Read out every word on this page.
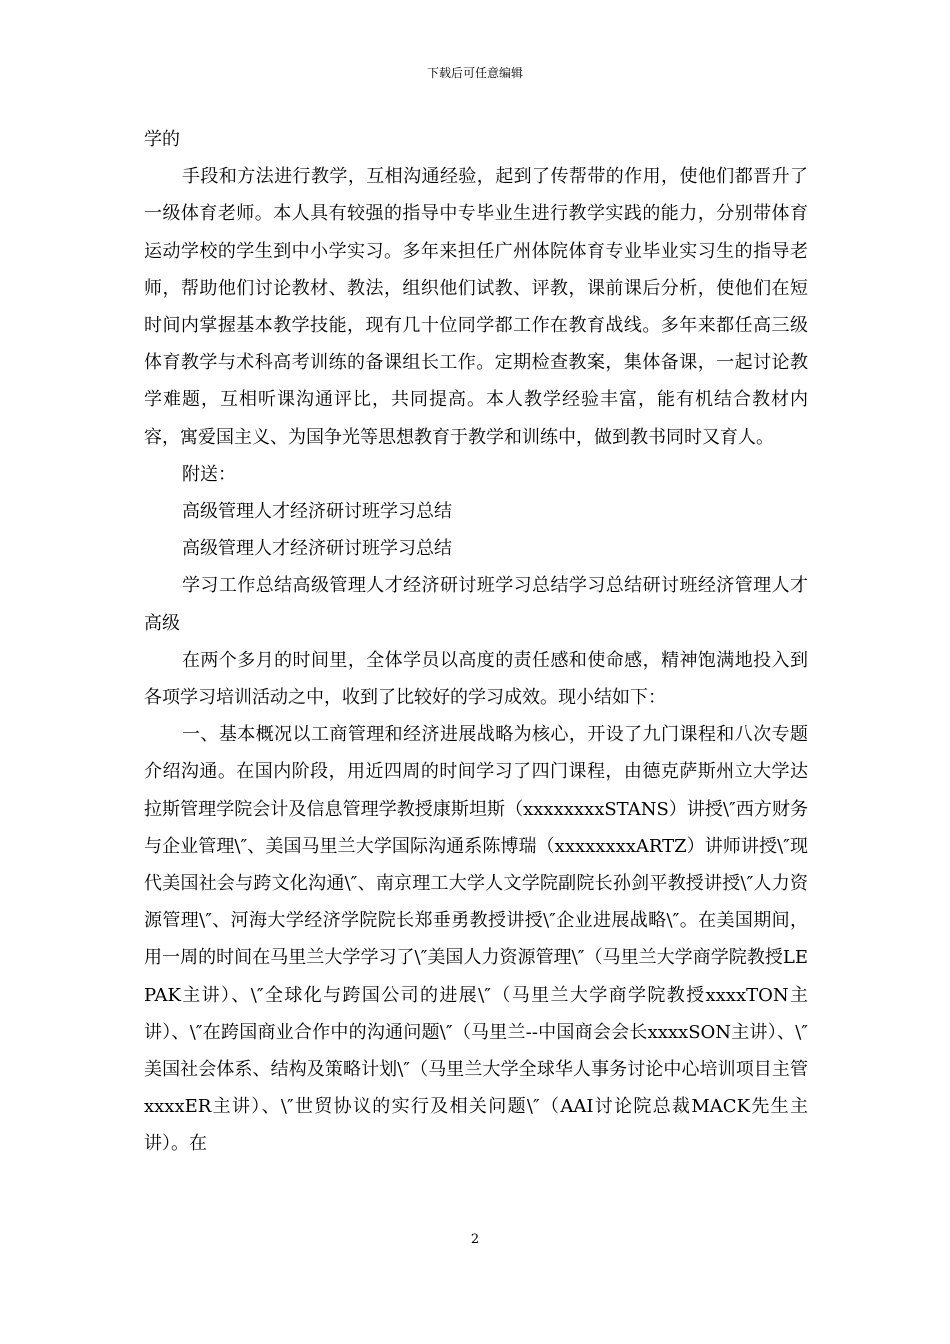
下载后可任意编辑

学的

手段和方法进行教学，互相沟通经验，起到了传帮带的作用，使他们都晋升了一级体育老师。本人具有较强的指导中专毕业生进行教学实践的能力，分别带体育运动学校的学生到中小学实习。多年来担任广州体院体育专业毕业实习生的指导老师，帮助他们讨论教材、教法，组织他们试教、评教，课前课后分析，使他们在短时间内掌握基本教学技能，现有几十位同学都工作在教育战线。多年来都任高三级体育教学与术科高考训练的备课组长工作。定期检查教案，集体备课，一起讨论教学难题，互相听课沟通评比，共同提高。本人教学经验丰富，能有机结合教材内容，寓爱国主义、为国争光等思想教育于教学和训练中，做到教书同时又育人。

附送：

高级管理人才经济研讨班学习总结

高级管理人才经济研讨班学习总结

学习工作总结高级管理人才经济研讨班学习总结学习总结研讨班经济管理人才高级

在两个多月的时间里，全体学员以高度的责任感和使命感，精神饱满地投入到各项学习培训活动之中，收到了比较好的学习成效。现小结如下：

一、基本概况以工商管理和经济进展战略为核心，开设了九门课程和八次专题介绍沟通。在国内阶段，用近四周的时间学习了四门课程，由德克萨斯州立大学达拉斯管理学院会计及信息管理学教授康斯坦斯（xxxxxxxxSTANS）讲授\″西方财务与企业管理\″、美国马里兰大学国际沟通系陈博瑞（xxxxxxxxARTZ）讲师讲授\″现代美国社会与跨文化沟通\″、南京理工大学人文学院副院长孙剑平教授讲授\″人力资源管理\″、河海大学经济学院院长郑垂勇教授讲授\″企业进展战略\″。在美国期间，用一周的时间在马里兰大学学习了\″美国人力资源管理\″（马里兰大学商学院教授LEPAK主讲）、\″全球化与跨国公司的进展\″（马里兰大学商学院教授xxxxTON主讲）、\″在跨国商业合作中的沟通问题\″（马里兰--中国商会会长xxxxSON主讲）、\″美国社会体系、结构及策略计划\″（马里兰大学全球华人事务讨论中心培训项目主管xxxxER主讲）、\″世贸协议的实行及相关问题\″（AAI讨论院总裁MACK先生主讲）。在

2
